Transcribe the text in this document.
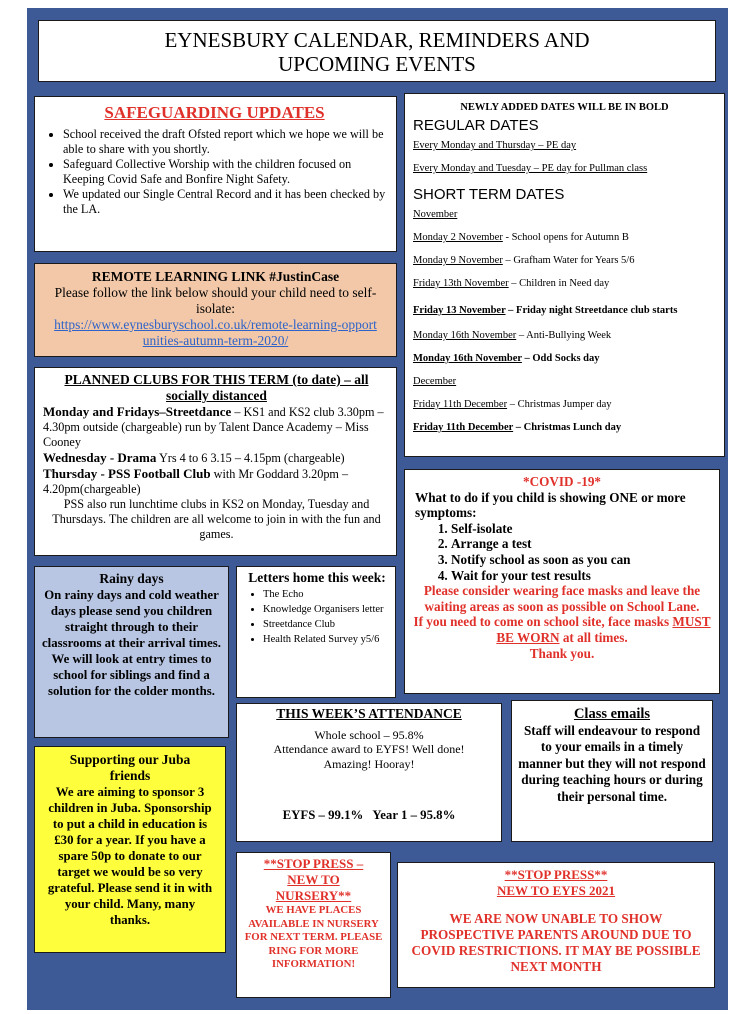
EYNESBURY CALENDAR, REMINDERS AND UPCOMING EVENTS
SAFEGUARDING UPDATES
• School received the draft Ofsted report which we hope we will be able to share with you shortly.
• Safeguard Collective Worship with the children focused on Keeping Covid Safe and Bonfire Night Safety.
• We updated our Single Central Record and it has been checked by the LA.
REMOTE LEARNING LINK #JustinCase
Please follow the link below should your child need to self-isolate:
https://www.eynesburyschool.co.uk/remote-learning-opportunities-autumn-term-2020/
PLANNED CLUBS FOR THIS TERM (to date) – all socially distanced
Monday and Fridays–Streetdance – KS1 and KS2 club 3.30pm – 4.30pm outside (chargeable) run by Talent Dance Academy – Miss Cooney
Wednesday - Drama Yrs 4 to 6 3.15 – 4.15pm (chargeable)
Thursday - PSS Football Club with Mr Goddard 3.20pm – 4.20pm(chargeable)
PSS also run lunchtime clubs in KS2 on Monday, Tuesday and Thursdays. The children are all welcome to join in with the fun and games.
Rainy days
On rainy days and cold weather days please send you children straight through to their classrooms at their arrival times. We will look at entry times to school for siblings and find a solution for the colder months.
Letters home this week:
• The Echo
• Knowledge Organisers letter
• Streetdance Club
• Health Related Survey y5/6
Supporting our Juba friends
We are aiming to sponsor 3 children in Juba. Sponsorship to put a child in education is £30 for a year. If you have a spare 50p to donate to our target we would be so very grateful. Please send it in with your child. Many, many thanks.
THIS WEEK’S ATTENDANCE
Whole school – 95.8%
Attendance award to EYFS! Well done! Amazing! Hooray!

EYFS – 99.1%   Year 1 – 95.8%

NEWLY ADDED DATES WILL BE IN BOLD
REGULAR DATES
Every Monday and Thursday – PE day
Every Monday and Tuesday – PE day for Pullman class
SHORT TERM DATES
November
Monday 2 November - School opens for Autumn B
Monday 9 November – Grafham Water for Years 5/6
Friday 13th November – Children in Need day
Friday 13 November – Friday night Streetdance club starts
Monday 16th November – Anti-Bullying Week
Monday 16th November – Odd Socks day
December
Friday 11th December – Christmas Jumper day
Friday 11th December – Christmas Lunch day
*COVID -19*
What to do if you child is showing ONE or more symptoms:
1. Self-isolate
2. Arrange a test
3. Notify school as soon as you can
4. Wait for your test results
Please consider wearing face masks and leave the waiting areas as soon as possible on School Lane.
If you need to come on school site, face masks MUST BE WORN at all times.
Thank you.
Class emails
Staff will endeavour to respond to your emails in a timely manner but they will not respond during teaching hours or during their personal time.
**STOP PRESS – NEW TO NURSERY**
WE HAVE PLACES AVAILABLE IN NURSERY FOR NEXT TERM. PLEASE RING FOR MORE INFORMATION!
**STOP PRESS**
NEW TO EYFS 2021
WE ARE NOW UNABLE TO SHOW PROSPECTIVE PARENTS AROUND DUE TO COVID RESTRICTIONS. IT MAY BE POSSIBLE NEXT MONTH
